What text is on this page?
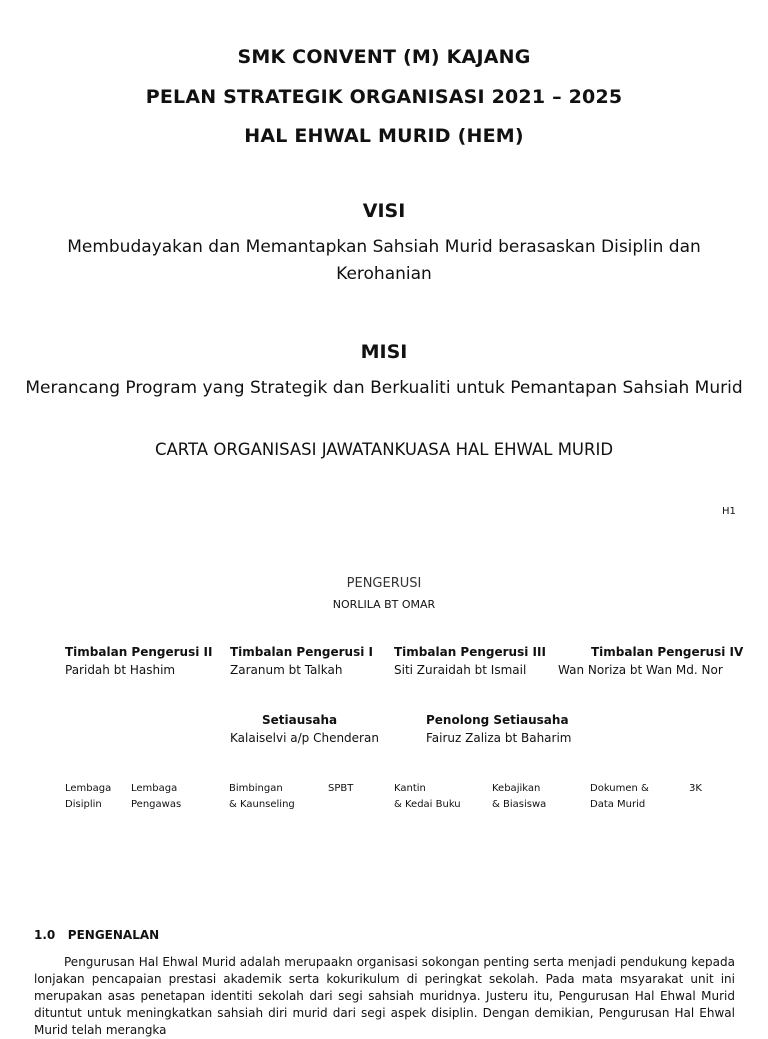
SMK CONVENT (M) KAJANG
PELAN STRATEGIK ORGANISASI 2021 – 2025
HAL EHWAL MURID (HEM)
VISI
Membudayakan dan Memantapkan Sahsiah Murid berasaskan Disiplin dan Kerohanian
MISI
Merancang Program yang Strategik dan Berkualiti untuk Pemantapan Sahsiah Murid
CARTA ORGANISASI JAWATANKUASA HAL EHWAL MURID
H1
PENGERUSI
NORLILA BT OMAR
Timbalan Pengerusi II
Paridah bt Hashim
Timbalan Pengerusi I
Zaranum bt Talkah
Timbalan Pengerusi III
Siti Zuraidah bt Ismail
Timbalan Pengerusi IV
Wan Noriza bt Wan Md. Nor
Setiausaha
Kalaiselvi a/p Chenderan
Penolong Setiausaha
Fairuz Zaliza bt Baharim
Lembaga
Disiplin
Lembaga
Pengawas
Bimbingan
& Kaunseling
SPBT	Kantin
& Kedai Buku
Kebajikan
& Biasiswa
Dokumen &
Data Murid
3K
1.0   PENGENALAN

Pengurusan Hal Ehwal Murid adalah merupaakn organisasi sokongan penting serta menjadi pendukung kepada lonjakan pencapaian prestasi akademik serta kokurikulum di peringkat sekolah. Pada mata msyarakat unit ini merupakan asas penetapan identiti sekolah dari segi sahsiah muridnya. Justeru itu, Pengurusan Hal Ehwal Murid dituntut untuk meningkatkan sahsiah diri murid dari segi aspek disiplin. Dengan demikian, Pengurusan Hal Ehwal Murid telah merangka
